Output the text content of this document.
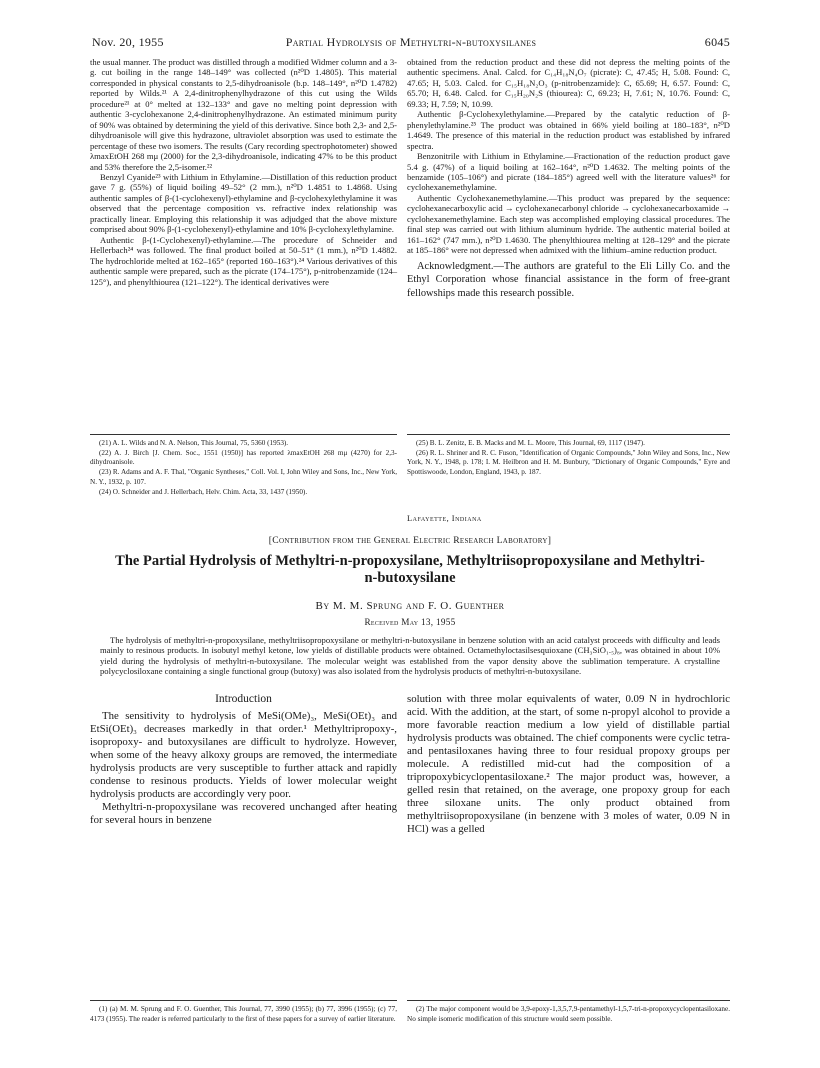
Nov. 20, 1955	Partial Hydrolysis of Methyltri-n-butoxysilanes	6045

the usual manner. The product was distilled through a modified Widmer column and a 3-g. cut boiling in the range 148–149° was collected (n²⁰D 1.4805). This material corresponded in physical constants to 2,5-dihydroanisole (b.p. 148–149°, n²⁰D 1.4782) reported by Wilds.²¹ A 2,4-dinitrophenylhydrazone of this cut using the Wilds procedure²¹ at 0° melted at 132–133° and gave no melting point depression with authentic 3-cyclohexanone 2,4-dinitrophenylhydrazone. An estimated minimum purity of 90% was obtained by determining the yield of this derivative. Since both 2,3- and 2,5-dihydroanisole will give this hydrazone, ultraviolet absorption was used to estimate the percentage of these two isomers. The results (Cary recording spectrophotometer) showed λmaxEtOH 268 mμ (2000) for the 2,3-dihydroanisole, indicating 47% to be this product and 53% therefore the 2,5-isomer.²²

Benzyl Cyanide²³ with Lithium in Ethylamine.—Distillation of this reduction product gave 7 g. (55%) of liquid boiling 49–52° (2 mm.), n²⁰D 1.4851 to 1.4868. Using authentic samples of β-(1-cyclohexenyl)-ethylamine and β-cyclohexylethylamine it was observed that the percentage composition vs. refractive index relationship was practically linear. Employing this relationship it was adjudged that the above mixture comprised about 90% β-(1-cyclohexenyl)-ethylamine and 10% β-cyclohexylethylamine.

Authentic β-(1-Cyclohexenyl)-ethylamine.—The procedure of Schneider and Hellerbach²⁴ was followed. The final product boiled at 50–51° (1 mm.), n²⁰D 1.4882. The hydrochloride melted at 162–165° (reported 160–163°).²⁴ Various derivatives of this authentic sample were prepared, such as the picrate (174–175°), p-nitrobenzamide (124–125°), and phenylthiourea (121–122°). The identical derivatives were

obtained from the reduction product and these did not depress the melting points of the authentic specimens. Anal. Calcd. for C₁₄H₁₈N₄O₇ (picrate): C, 47.45; H, 5.08. Found: C, 47.65; H, 5.03. Calcd. for C₁₅H₁₈N₂O₃ (p-nitrobenzamide): C, 65.69; H, 6.57. Found: C, 65.70; H, 6.48. Calcd. for C₁₅H₂₀N₂S (thiourea): C, 69.23; H, 7.61; N, 10.76. Found: C, 69.33; H, 7.59; N, 10.99.

Authentic β-Cyclohexylethylamine.—Prepared by the catalytic reduction of β-phenylethylamine.²⁵ The product was obtained in 66% yield boiling at 180–183°, n²⁰D 1.4649. The presence of this material in the reduction product was established by infrared spectra.

Benzonitrile with Lithium in Ethylamine.—Fractionation of the reduction product gave 5.4 g. (47%) of a liquid boiling at 162–164°, n²⁰D 1.4632. The melting points of the benzamide (105–106°) and picrate (184–185°) agreed well with the literature values²⁶ for cyclohexanemethylamine.

Authentic Cyclohexanemethylamine.—This product was prepared by the sequence: cyclohexanecarboxylic acid → cyclohexanecarbonyl chloride → cyclohexanecarboxamide → cyclohexanemethylamine. Each step was accomplished employing classical procedures. The final step was carried out with lithium aluminum hydride. The authentic material boiled at 161–162° (747 mm.), n²⁰D 1.4630. The phenylthiourea melting at 128–129° and the picrate at 185–186° were not depressed when admixed with the lithium–amine reduction product.

Acknowledgment.—The authors are grateful to the Eli Lilly Co. and the Ethyl Corporation whose financial assistance in the form of free-grant fellowships made this research possible.

(21) A. L. Wilds and N. A. Nelson, This Journal, 75, 5360 (1953).

(22) A. J. Birch [J. Chem. Soc., 1551 (1950)] has reported λmaxEtOH 268 mμ (4270) for 2,3-dihydroanisole.

(23) R. Adams and A. F. Thal, "Organic Syntheses," Coll. Vol. I, John Wiley and Sons, Inc., New York, N. Y., 1932, p. 107.

(24) O. Schneider and J. Hellerbach, Helv. Chim. Acta, 33, 1437 (1950).

(25) B. L. Zenitz, E. B. Macks and M. L. Moore, This Journal, 69, 1117 (1947).

(26) R. L. Shriner and R. C. Fuson, "Identification of Organic Compounds," John Wiley and Sons, Inc., New York, N. Y., 1948, p. 178; I. M. Heilbron and H. M. Bunbury, "Dictionary of Organic Compounds," Eyre and Spottiswoode, London, England, 1943, p. 187.

Lafayette, Indiana
[Contribution from the General Electric Research Laboratory]
The Partial Hydrolysis of Methyltri-n-propoxysilane, Methyltriisopropoxysilane and Methyltri-n-butoxysilane
By M. M. Sprung and F. O. Guenther
Received May 13, 1955
The hydrolysis of methyltri-n-propoxysilane, methyltriisopropoxysilane or methyltri-n-butoxysilane in benzene solution with an acid catalyst proceeds with difficulty and leads mainly to resinous products. In isobutyl methyl ketone, low yields of distillable products were obtained. Octamethyloctasilsesquioxane (CH₃SiO₁.₅)₈, was obtained in about 10% yield during the hydrolysis of methyltri-n-butoxysilane. The molecular weight was established from the vapor density above the sublimation temperature. A crystalline polycyclosiloxane containing a single functional group (butoxy) was also isolated from the hydrolysis products of methyltri-n-butoxysilane.
Introduction

The sensitivity to hydrolysis of MeSi(OMe)₃, MeSi(OEt)₃ and EtSi(OEt)₃ decreases markedly in that order.¹ Methyltripropoxy-, isopropoxy- and butoxysilanes are difficult to hydrolyze. However, when some of the heavy alkoxy groups are removed, the intermediate hydrolysis products are very susceptible to further attack and rapidly condense to resinous products. Yields of lower molecular weight hydrolysis products are accordingly very poor.

Methyltri-n-propoxysilane was recovered unchanged after heating for several hours in benzene

solution with three molar equivalents of water, 0.09 N in hydrochloric acid. With the addition, at the start, of some n-propyl alcohol to provide a more favorable reaction medium a low yield of distillable partial hydrolysis products was obtained. The chief components were cyclic tetra- and pentasiloxanes having three to four residual propoxy groups per molecule. A redistilled mid-cut had the composition of a tripropoxybicyclopentasiloxane.² The major product was, however, a gelled resin that retained, on the average, one propoxy group for each three siloxane units. The only product obtained from methyltriisopropoxysilane (in benzene with 3 moles of water, 0.09 N in HCl) was a gelled

(1) (a) M. M. Sprung and F. O. Guenther, This Journal, 77, 3990 (1955); (b) 77, 3996 (1955); (c) 77, 4173 (1955). The reader is referred particularly to the first of these papers for a survey of earlier literature.

(2) The major component would be 3,9-epoxy-1,3,5,7,9-pentamethyl-1,5,7-tri-n-propoxycyclopentasiloxane. No simple isomeric modification of this structure would seem possible.
